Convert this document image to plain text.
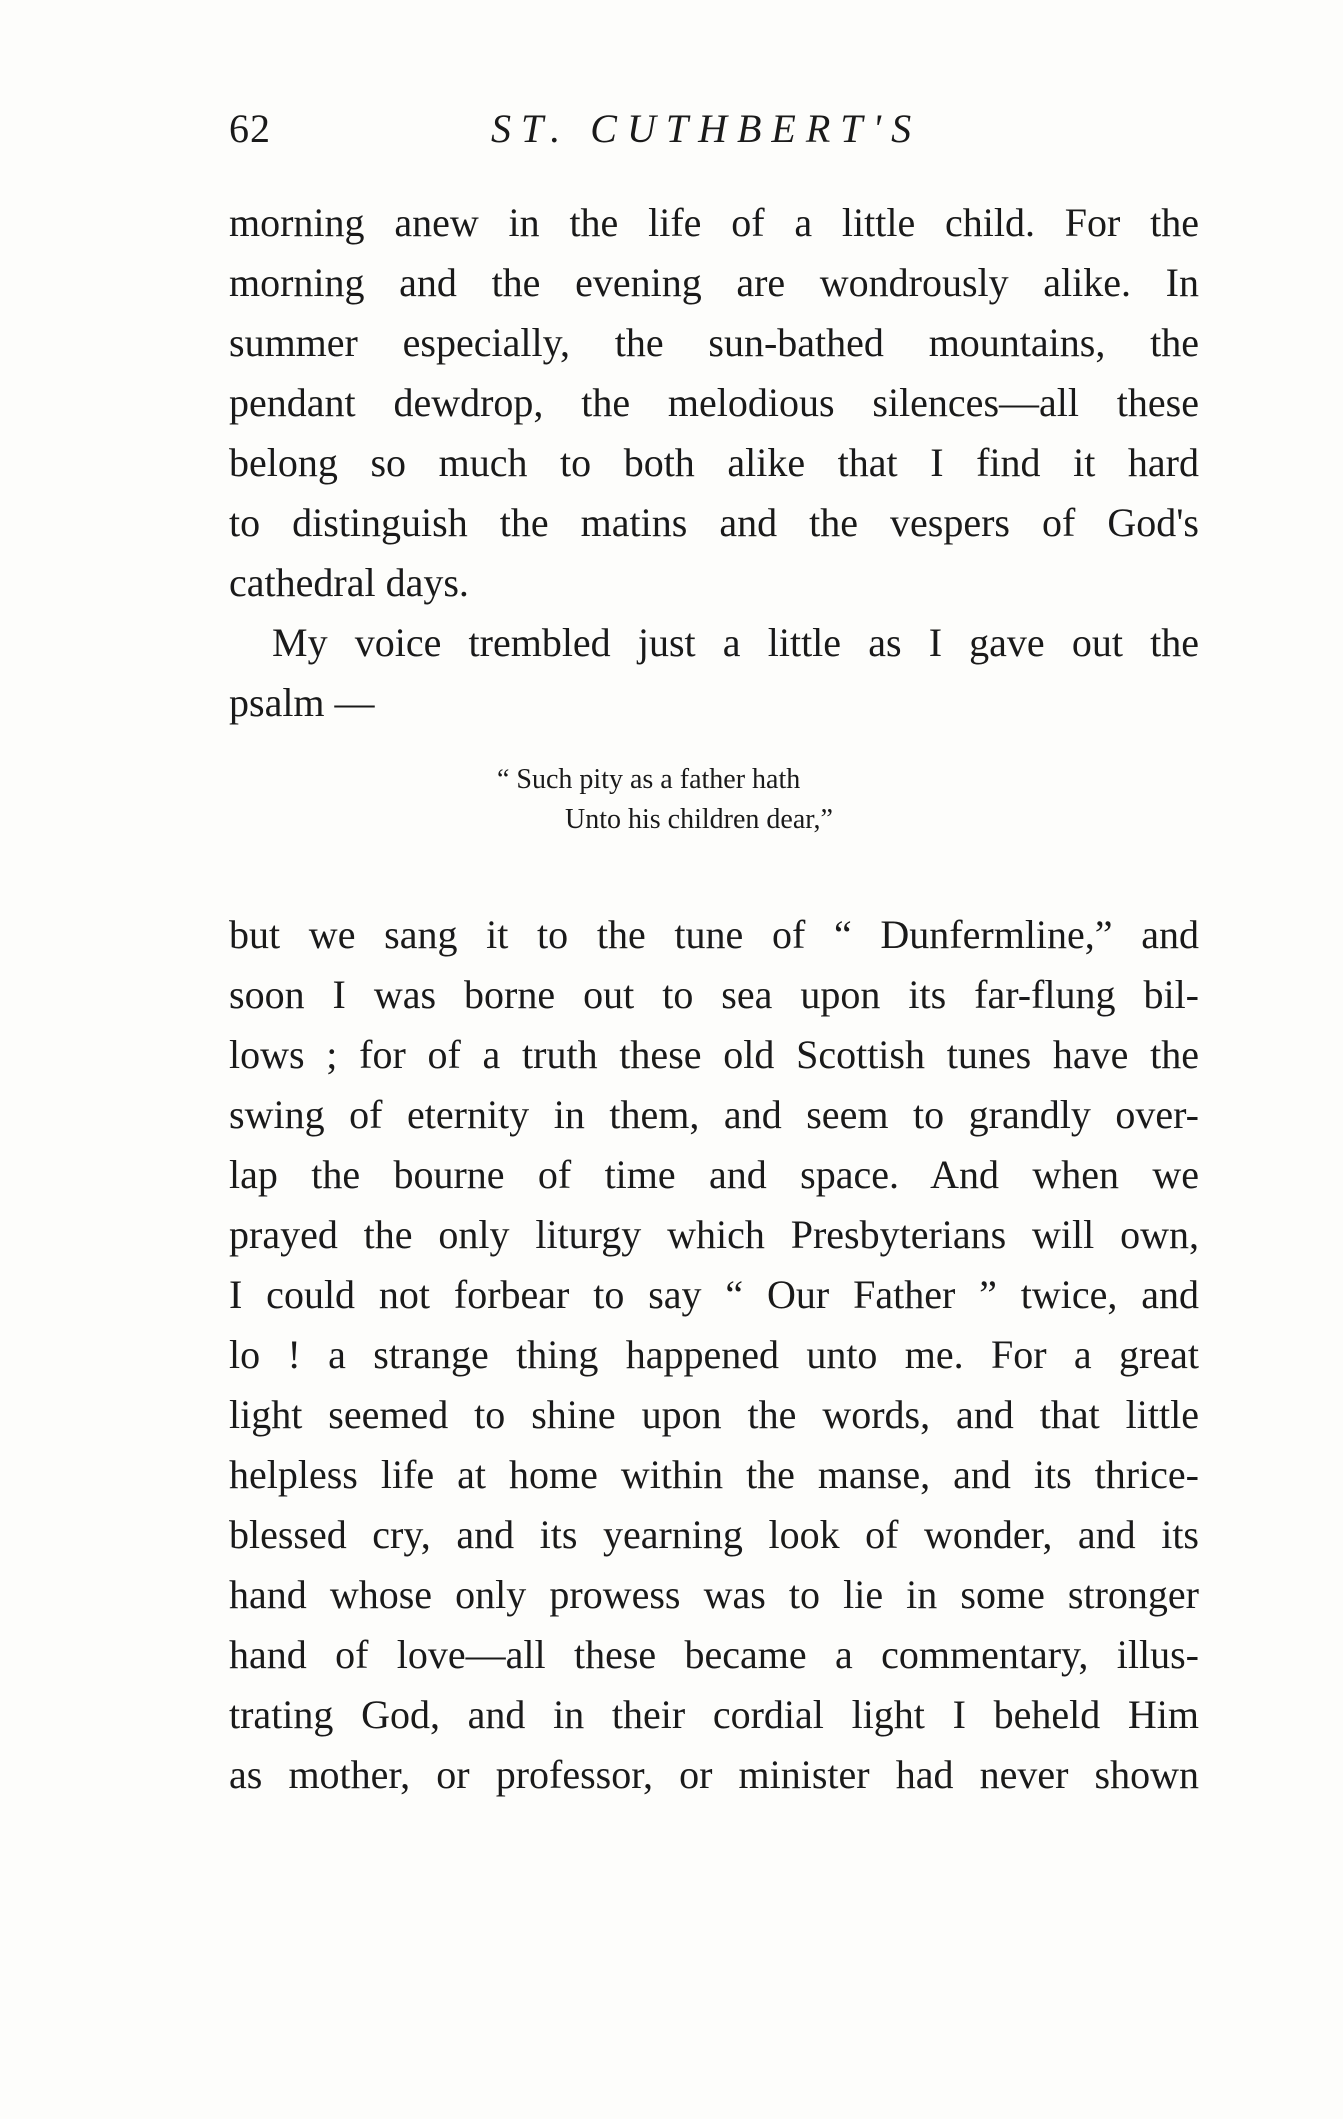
62	ST. CUTHBERT'S
morning anew in the life of a little child. For the
morning and the evening are wondrously alike. In
summer especially, the sun-bathed mountains, the
pendant dewdrop, the melodious silences—all these
belong so much to both alike that I find it hard
to distinguish the matins and the vespers of God's
cathedral days.
My voice trembled just a little as I gave out the
psalm —
“ Such pity as a father hath
Unto his children dear,”
but we sang it to the tune of “ Dunfermline,” and
soon I was borne out to sea upon its far-flung bil-
lows ; for of a truth these old Scottish tunes have the
swing of eternity in them, and seem to grandly over-
lap the bourne of time and space. And when we
prayed the only liturgy which Presbyterians will own,
I could not forbear to say “ Our Father ” twice, and
lo ! a strange thing happened unto me. For a great
light seemed to shine upon the words, and that little
helpless life at home within the manse, and its thrice-
blessed cry, and its yearning look of wonder, and its
hand whose only prowess was to lie in some stronger
hand of love—all these became a commentary, illus-
trating God, and in their cordial light I beheld Him
as mother, or professor, or minister had never shown
